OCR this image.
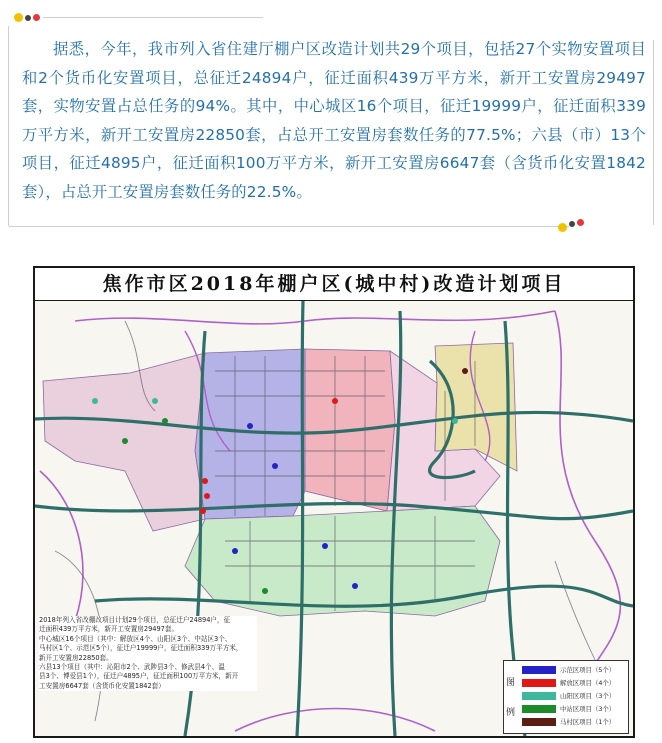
据悉，今年，我市列入省住建厅棚户区改造计划共29个项目，包括27个实物安置项目和2个货币化安置项目，总征迁24894户，征迁面积439万平方米，新开工安置房29497套，实物安置占总任务的94%。其中，中心城区16个项目，征迁19999户，征迁面积339万平方米，新开工安置房22850套，占总开工安置房套数任务的77.5%；六县（市）13个项目，征迁4895户，征迁面积100万平方米，新开工安置房6647套（含货币化安置1842套），占总开工安置房套数任务的22.5%。

焦作市区2018年棚户区(城中村)改造计划项目
2018年列入省改棚改项目计划29个项目，总征迁户24894户，征
迁面积439万平方米，新开工安置房29497套。
中心城区16个项目（其中：解放区4个、山阳区3个、中站区3个、
马村区1个、示范区5个），征迁户19999户，征迁面积339万平方米，
新开工安置房22850套。
六县13个项目（其中：沁阳市2个、武陟县3个、修武县4个、温
县3个、博爱县1个），征迁户4895户，征迁面积100万平方米，新开
工安置房6647套（含货币化安置1842套）	图
例
示范区项目（5个）
解放区项目（4个）
山阳区项目（3个）
中站区项目（3个）
马村区项目（1个）
